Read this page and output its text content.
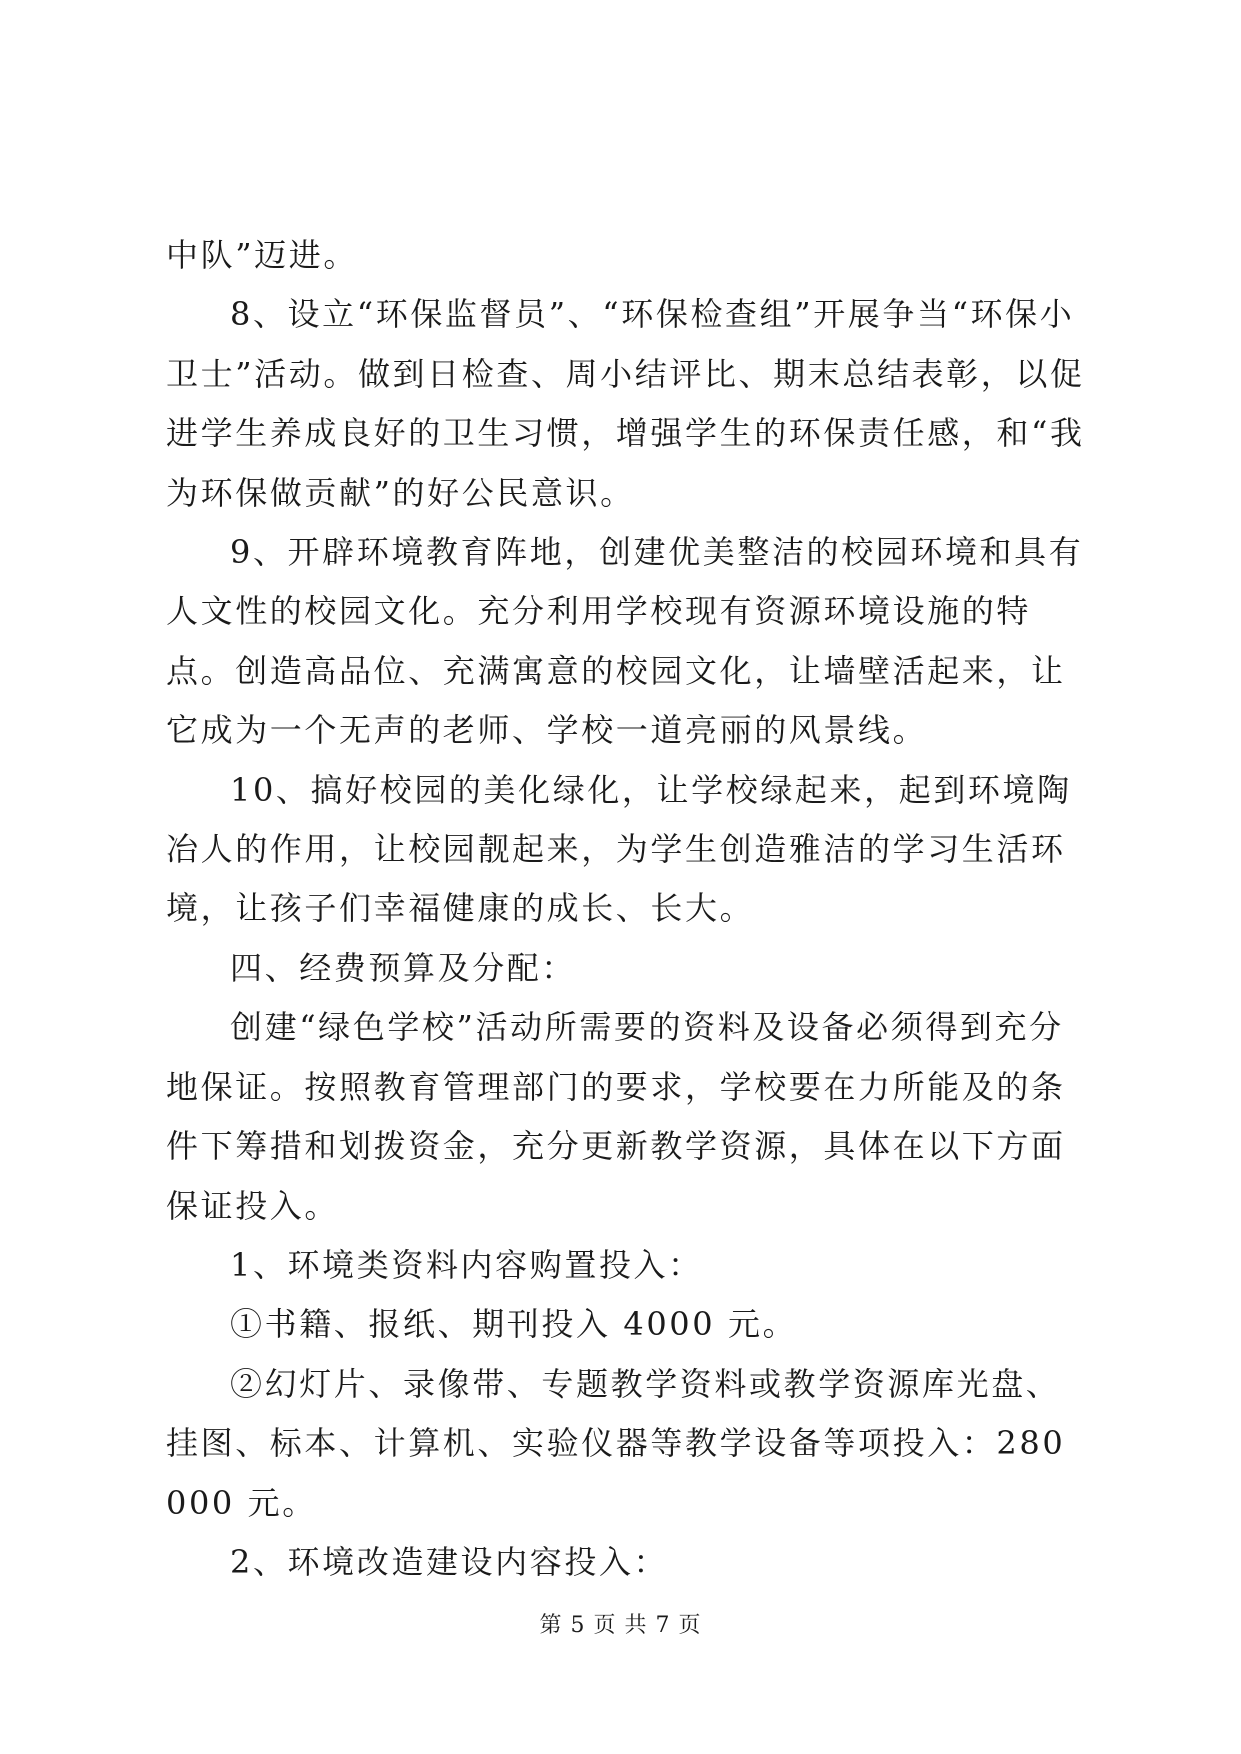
中队”迈进。

8、设立“环保监督员”、“环保检查组”开展争当“环保小卫士”活动。做到日检查、周小结评比、期末总结表彰，以促进学生养成良好的卫生习惯，增强学生的环保责任感，和“我为环保做贡献”的好公民意识。

9、开辟环境教育阵地，创建优美整洁的校园环境和具有人文性的校园文化。充分利用学校现有资源环境设施的特点。创造高品位、充满寓意的校园文化，让墙壁活起来，让它成为一个无声的老师、学校一道亮丽的风景线。

10、搞好校园的美化绿化，让学校绿起来，起到环境陶冶人的作用，让校园靓起来，为学生创造雅洁的学习生活环境，让孩子们幸福健康的成长、长大。

四、经费预算及分配：

创建“绿色学校”活动所需要的资料及设备必须得到充分地保证。按照教育管理部门的要求，学校要在力所能及的条件下筹措和划拨资金，充分更新教学资源，具体在以下方面保证投入。

1、环境类资料内容购置投入：

①书籍、报纸、期刊投入 4000 元。

②幻灯片、录像带、专题教学资料或教学资源库光盘、挂图、标本、计算机、实验仪器等教学设备等项投入：280000 元。

2、环境改造建设内容投入：

第 5 页 共 7 页
